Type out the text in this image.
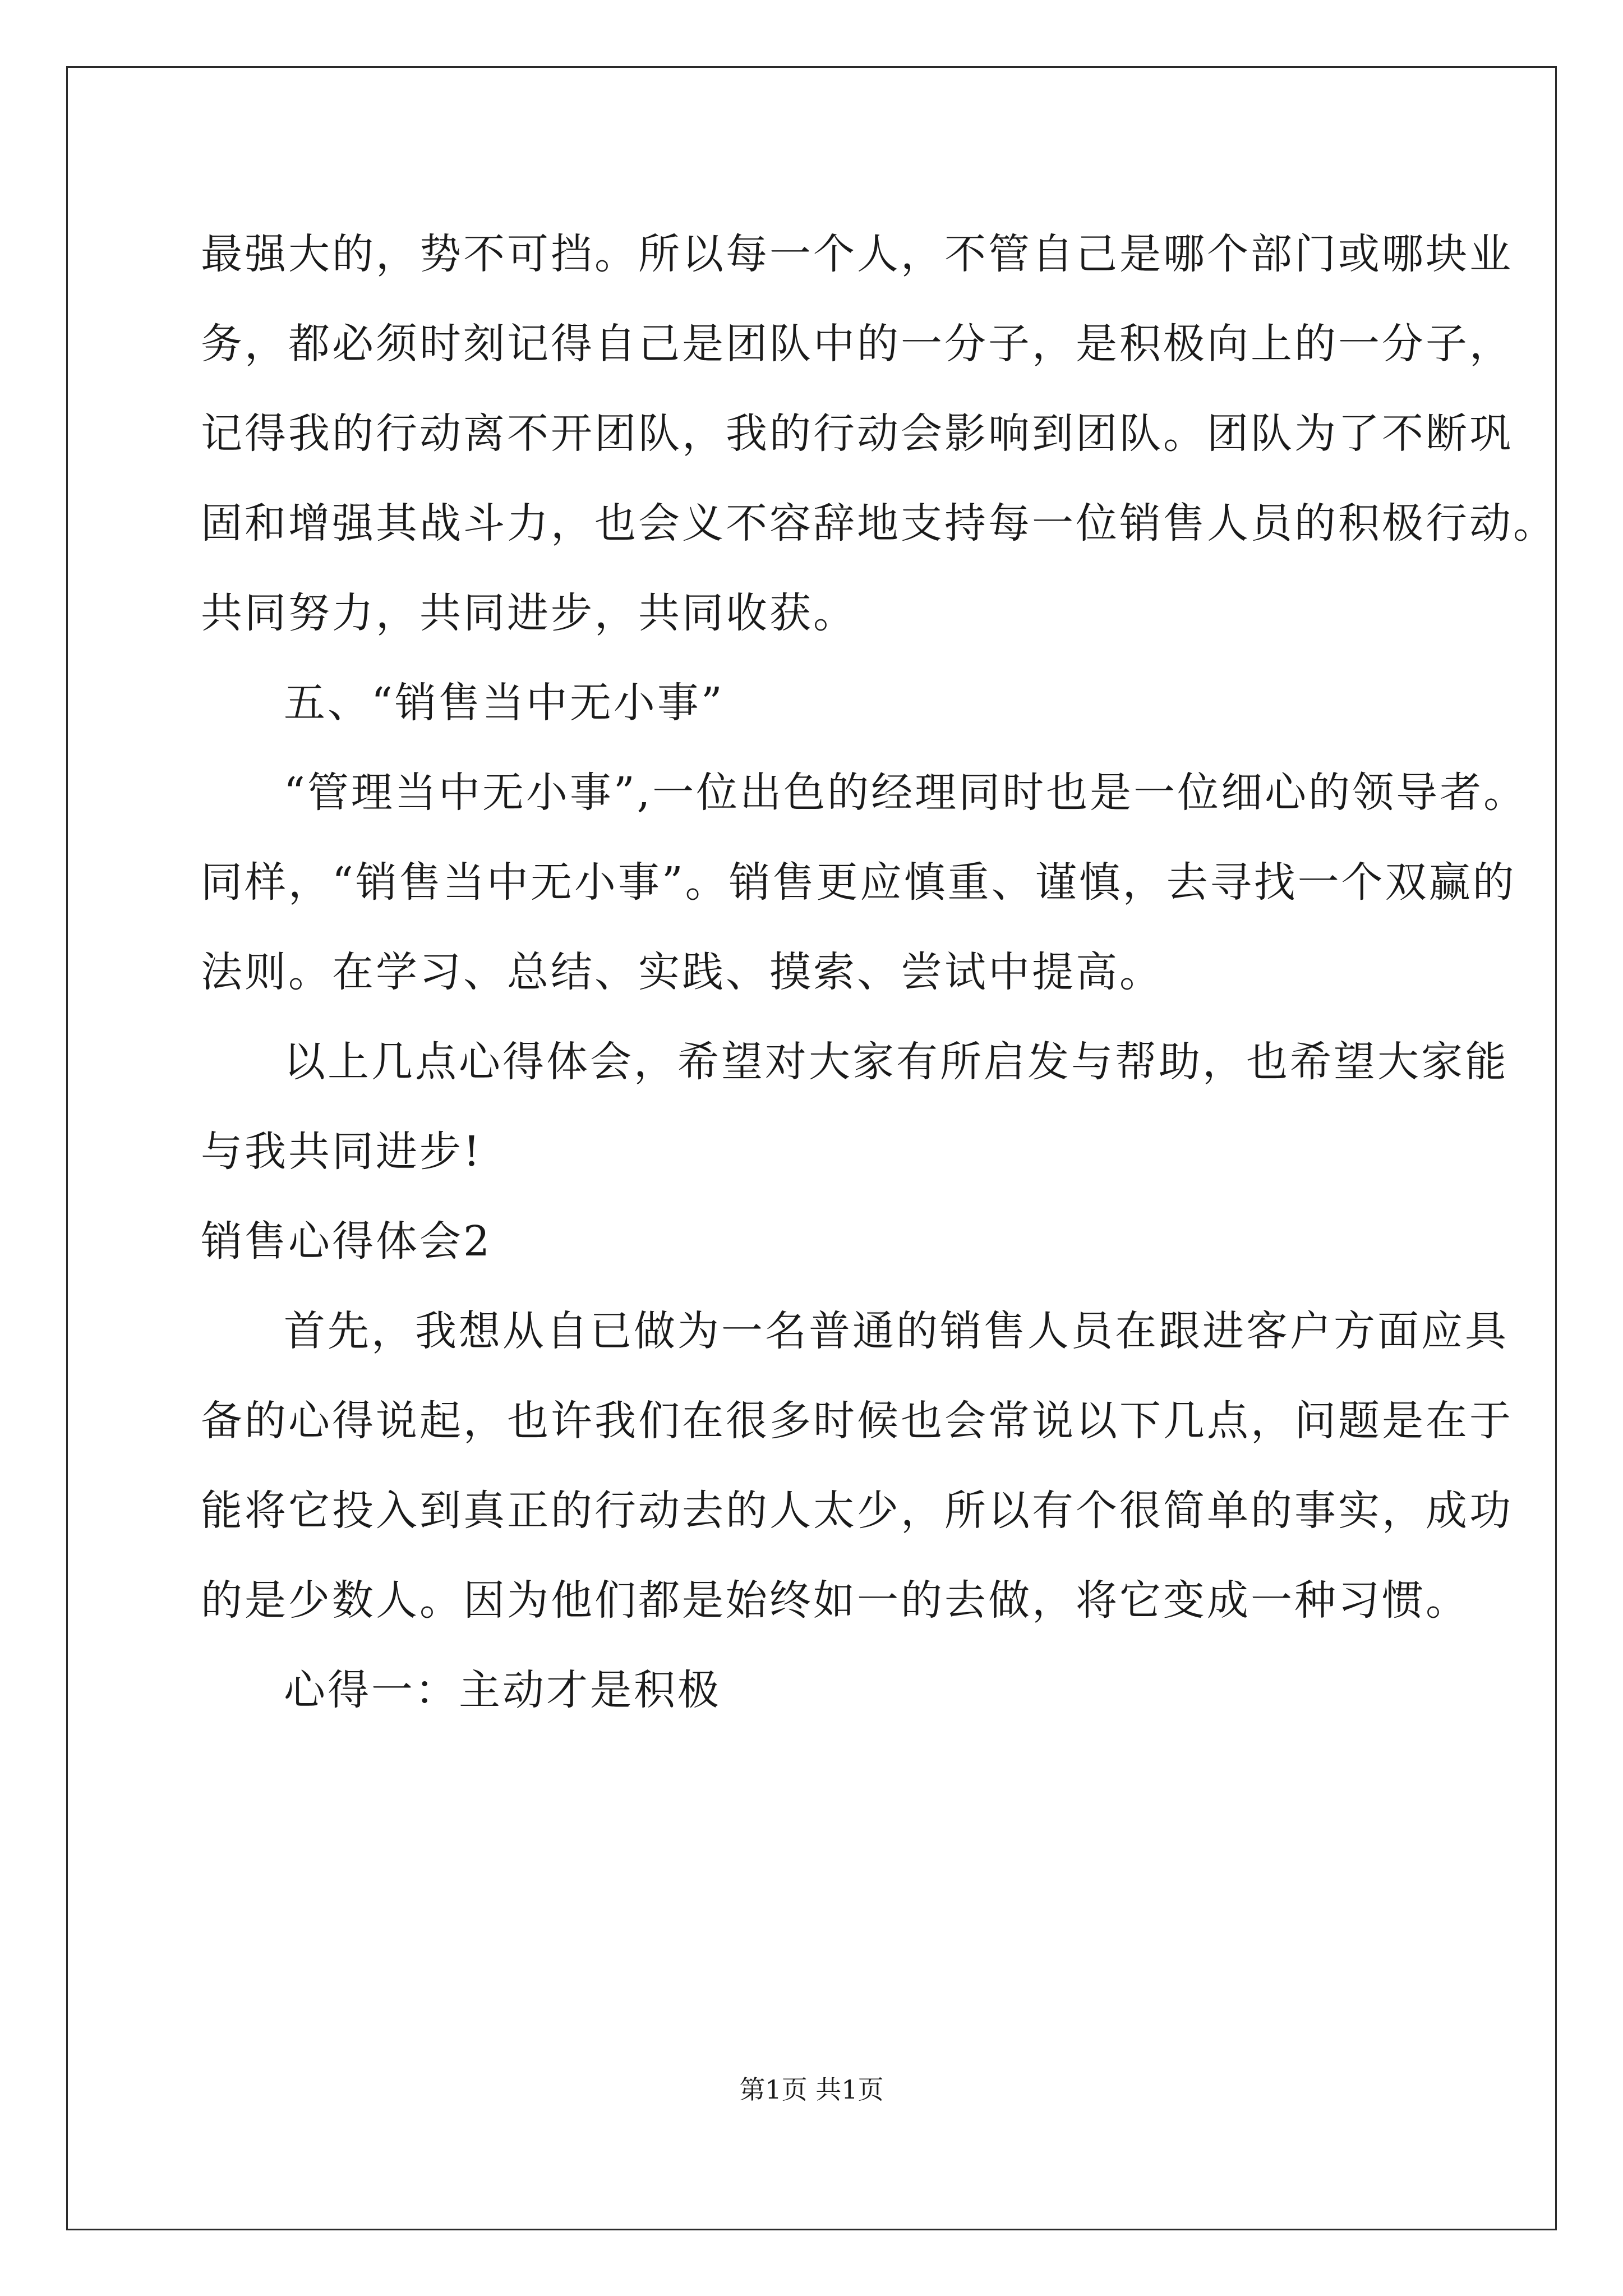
最强大的，势不可挡。所以每一个人，不管自己是哪个部门或哪块业
务，都必须时刻记得自己是团队中的一分子，是积极向上的一分子，
记得我的行动离不开团队，我的行动会影响到团队。团队为了不断巩
固和增强其战斗力，也会义不容辞地支持每一位销售人员的积极行动。
共同努力，共同进步，共同收获。
五、“销售当中无小事”
“管理当中无小事”,一位出色的经理同时也是一位细心的领导者。
同样，“销售当中无小事”。销售更应慎重、谨慎，去寻找一个双赢的
法则。在学习、总结、实践、摸索、尝试中提高。
以上几点心得体会，希望对大家有所启发与帮助，也希望大家能
与我共同进步!
销售心得体会2
首先，我想从自已做为一名普通的销售人员在跟进客户方面应具
备的心得说起，也许我们在很多时候也会常说以下几点，问题是在于
能将它投入到真正的行动去的人太少，所以有个很简单的事实，成功
的是少数人。因为他们都是始终如一的去做，将它变成一种习惯。
心得一：主动才是积极
第1页 共1页
